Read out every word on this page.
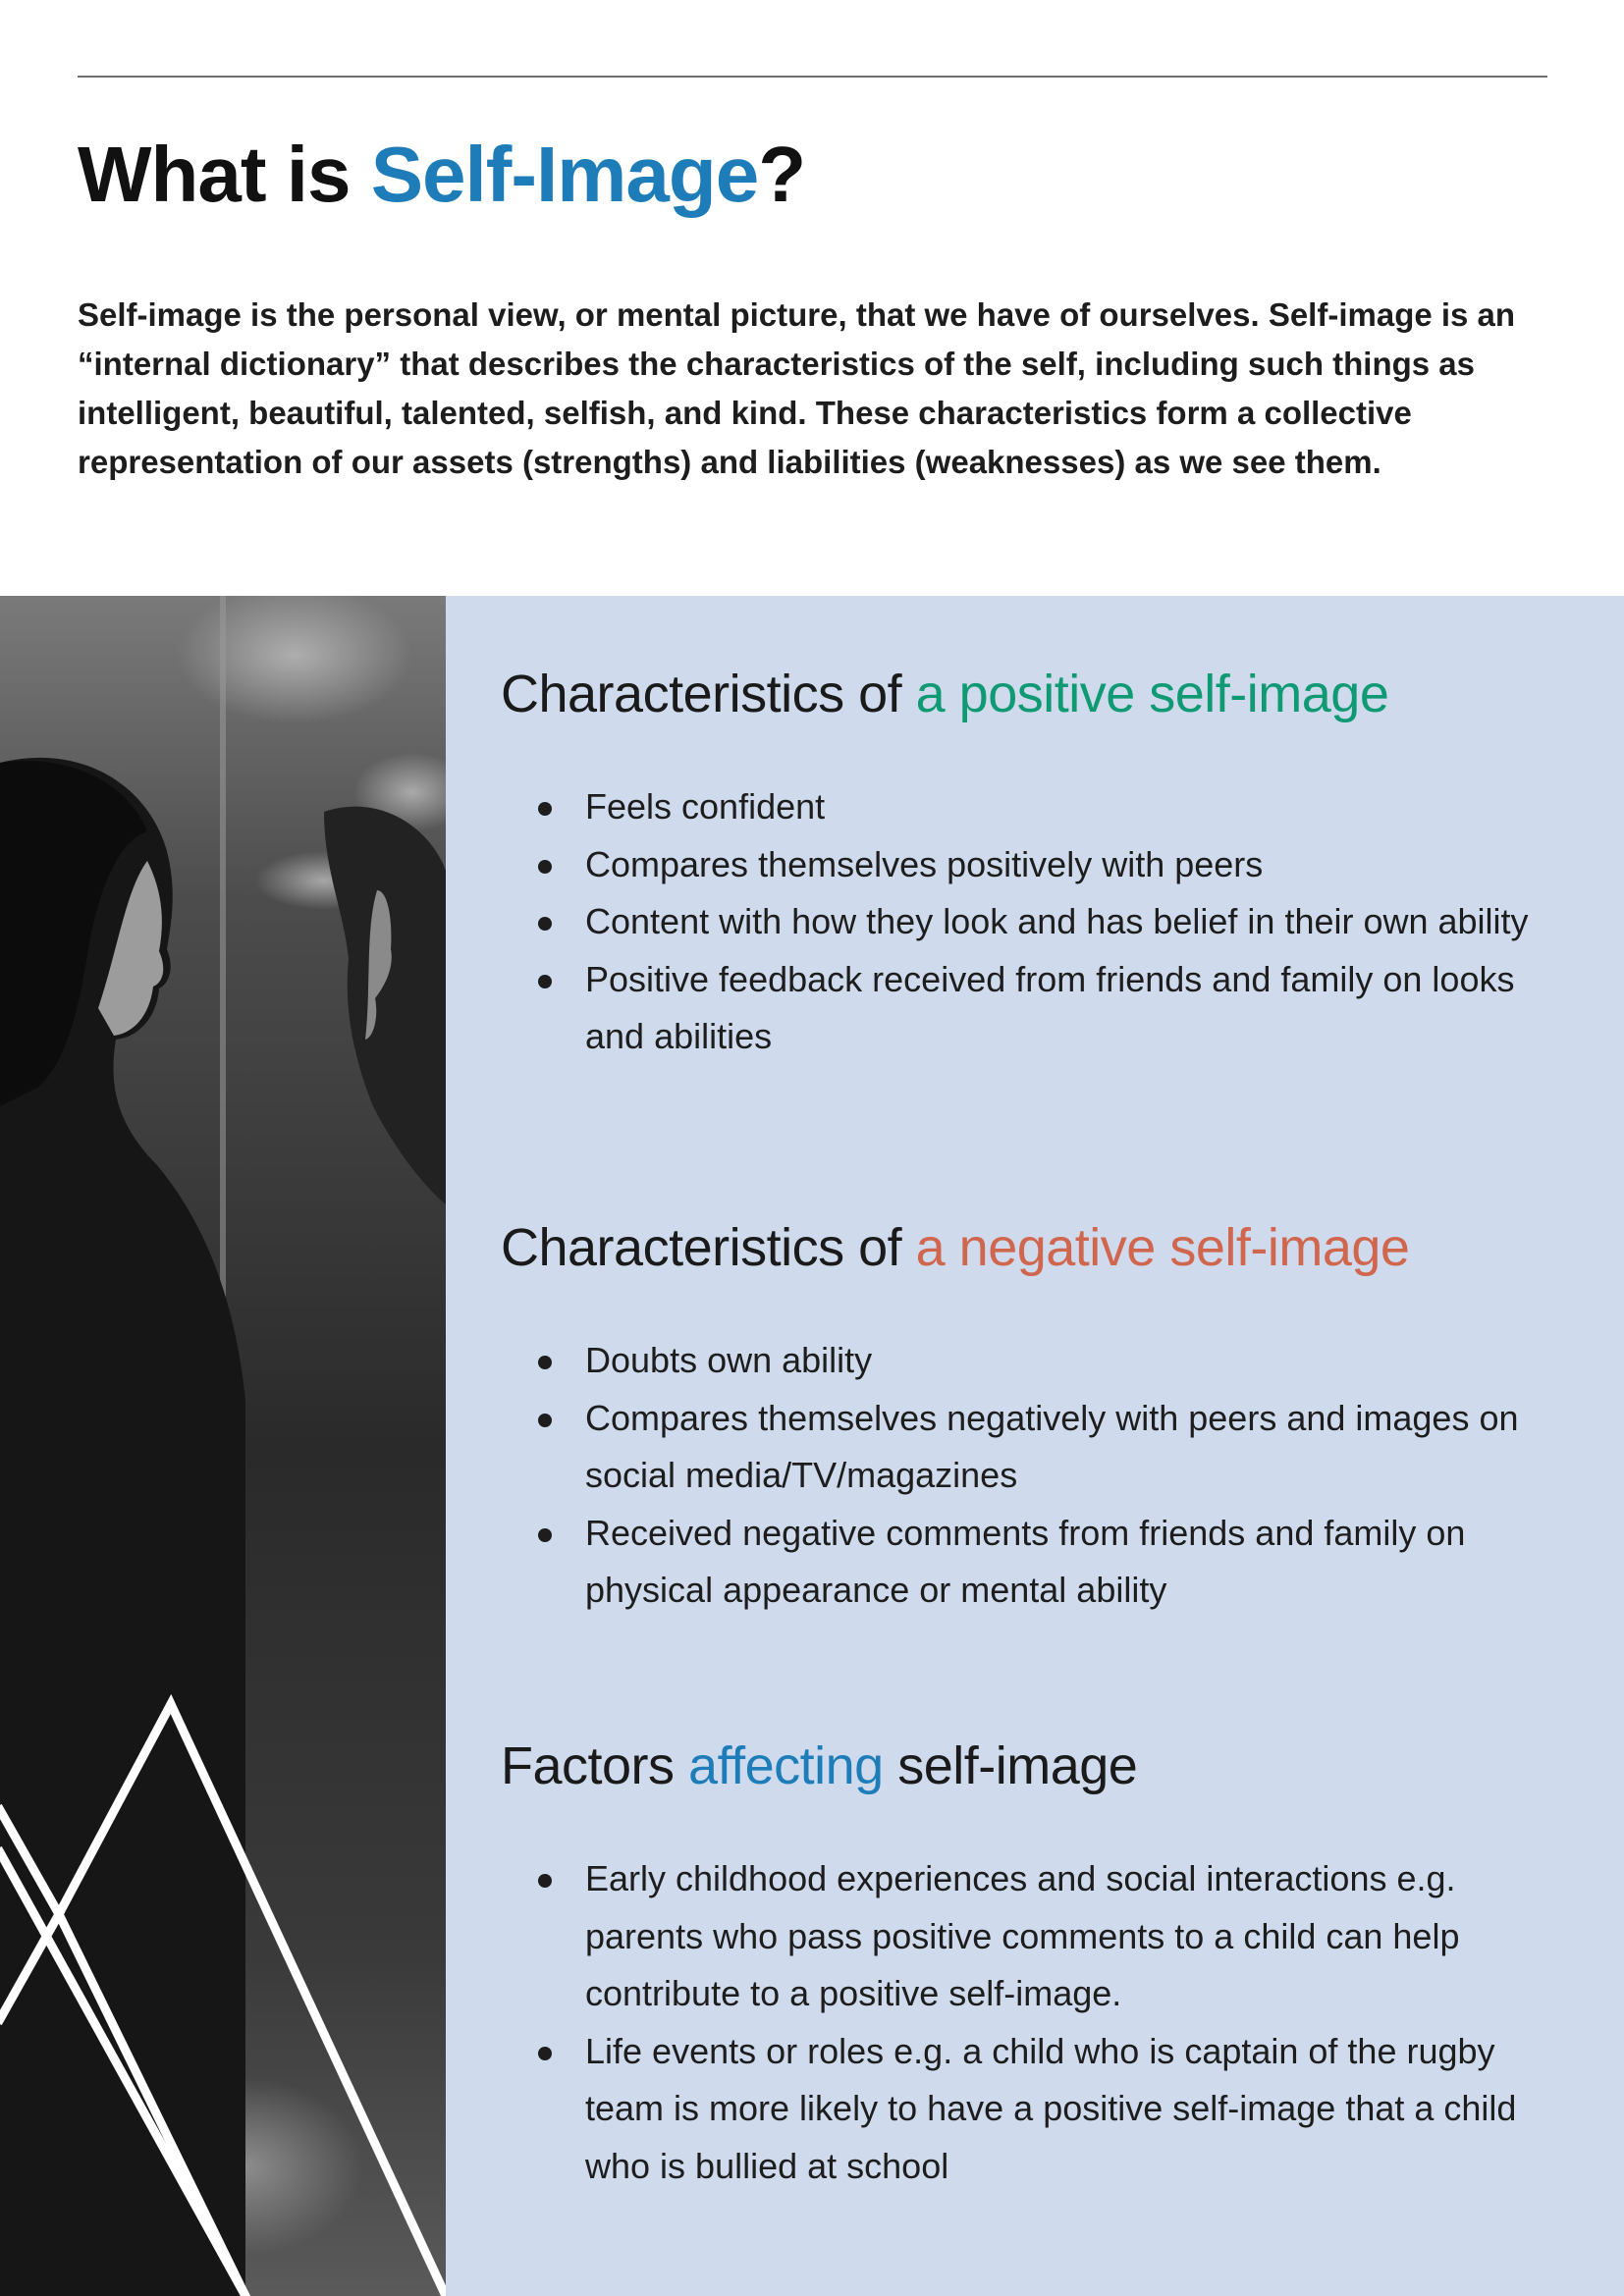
What is Self-Image?

Self-image is the personal view, or mental picture, that we have of ourselves. Self-image is an “internal dictionary” that describes the characteristics of the self, including such things as intelligent, beautiful, talented, selfish, and kind. These characteristics form a collective representation of our assets (strengths) and liabilities (weaknesses) as we see them.

Characteristics of a positive self-image
Feels confident
Compares themselves positively with peers
Content with how they look and has belief in their own ability
Positive feedback received from friends and family on looks and abilities
Characteristics of a negative self-image
Doubts own ability
Compares themselves negatively with peers and images on social media/TV/magazines
Received negative comments from friends and family on physical appearance or mental ability
Factors affecting self-image
Early childhood experiences and social interactions e.g. parents who pass positive comments to a child can help contribute to a positive self-image.
Life events or roles e.g. a child who is captain of the rugby team is more likely to have a positive self-image that a child who is bullied at school
